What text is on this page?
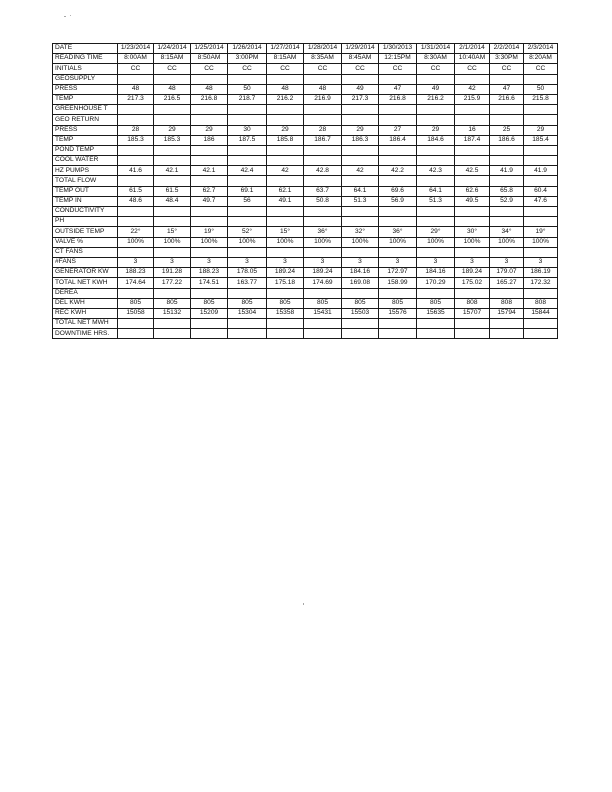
DATE	1/23/2014	1/24/2014	1/25/2014	1/26/2014	1/27/2014	1/28/2014	1/29/2014	1/30/2013	1/31/2014	2/1/2014	2/2/2014	2/3/2014
READING TIME	8:00AM	8:15AM	8:50AM	3:00PM	8:15AM	8:35AM	8:45AM	12:15PM	8:30AM	10:40AM	3:30PM	8:20AM
INITIALS	CC	CC	CC	CC	CC	CC	CC	CC	CC	CC	CC	CC
GEOSUPPLY												
PRESS	48	48	48	50	48	48	49	47	49	42	47	50
TEMP	217.3	216.5	216.8	218.7	216.2	216.9	217.3	216.8	216.2	215.9	216.6	215.8
GREENHOUSE T												
GEO RETURN												
PRESS	28	29	29	30	29	28	29	27	29	16	25	29
TEMP	185.3	185.3	186	187.5	185.8	186.7	186.3	186.4	184.6	187.4	186.6	185.4
POND TEMP												
COOL WATER												
HZ PUMPS	41.6	42.1	42.1	42.4	42	42.8	42	42.2	42.3	42.5	41.9	41.9
TOTAL FLOW												
TEMP OUT	61.5	61.5	62.7	69.1	62.1	63.7	64.1	69.6	64.1	62.6	65.8	60.4
TEMP IN	48.6	48.4	49.7	56	49.1	50.8	51.3	56.9	51.3	49.5	52.9	47.6
CONDUCTIVITY												
PH												
OUTSIDE TEMP	22°	15°	19°	52°	15°	36°	32°	36°	29°	30°	34°	19°
VALVE %	100%	100%	100%	100%	100%	100%	100%	100%	100%	100%	100%	100%
CT FANS												
#FANS	3	3	3	3	3	3	3	3	3	3	3	3
GENERATOR KW	188.23	191.28	188.23	178.05	189.24	189.24	184.16	172.97	184.16	189.24	179.07	186.19
TOTAL NET KWH	174.64	177.22	174.51	163.77	175.18	174.69	169.08	158.99	170.29	175.02	165.27	172.32
DEREA												
DEL KWH	805	805	805	805	805	805	805	805	805	808	808	808
REC KWH	15058	15132	15209	15304	15358	15431	15503	15576	15635	15707	15794	15844
TOTAL NET MWH												
DOWNTIME HRS.												
